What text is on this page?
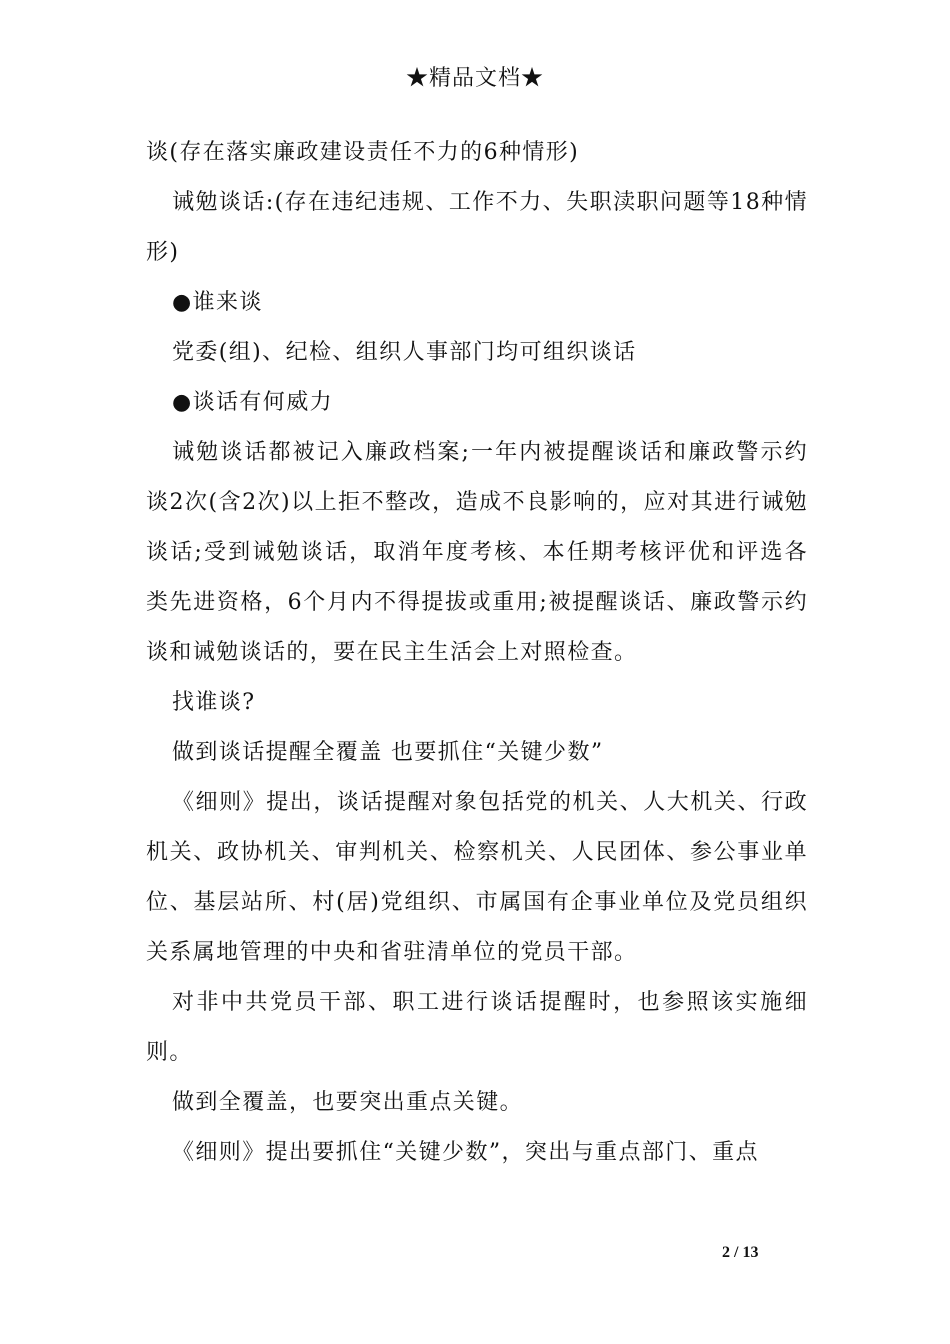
★精品文档★

谈(存在落实廉政建设责任不力的6种情形)

诫勉谈话:(存在违纪违规、工作不力、失职渎职问题等18种情形)

●谁来谈

党委(组)、纪检、组织人事部门均可组织谈话

●谈话有何威力

诫勉谈话都被记入廉政档案;一年内被提醒谈话和廉政警示约谈2次(含2次)以上拒不整改，造成不良影响的，应对其进行诫勉谈话;受到诫勉谈话，取消年度考核、本任期考核评优和评选各类先进资格，6个月内不得提拔或重用;被提醒谈话、廉政警示约谈和诫勉谈话的，要在民主生活会上对照检查。

找谁谈?

做到谈话提醒全覆盖 也要抓住“关键少数”

《细则》提出，谈话提醒对象包括党的机关、人大机关、行政机关、政协机关、审判机关、检察机关、人民团体、参公事业单位、基层站所、村(居)党组织、市属国有企事业单位及党员组织关系属地管理的中央和省驻清单位的党员干部。

对非中共党员干部、职工进行谈话提醒时，也参照该实施细则。

做到全覆盖，也要突出重点关键。

《细则》提出要抓住“关键少数”，突出与重点部门、重点

2 / 13
